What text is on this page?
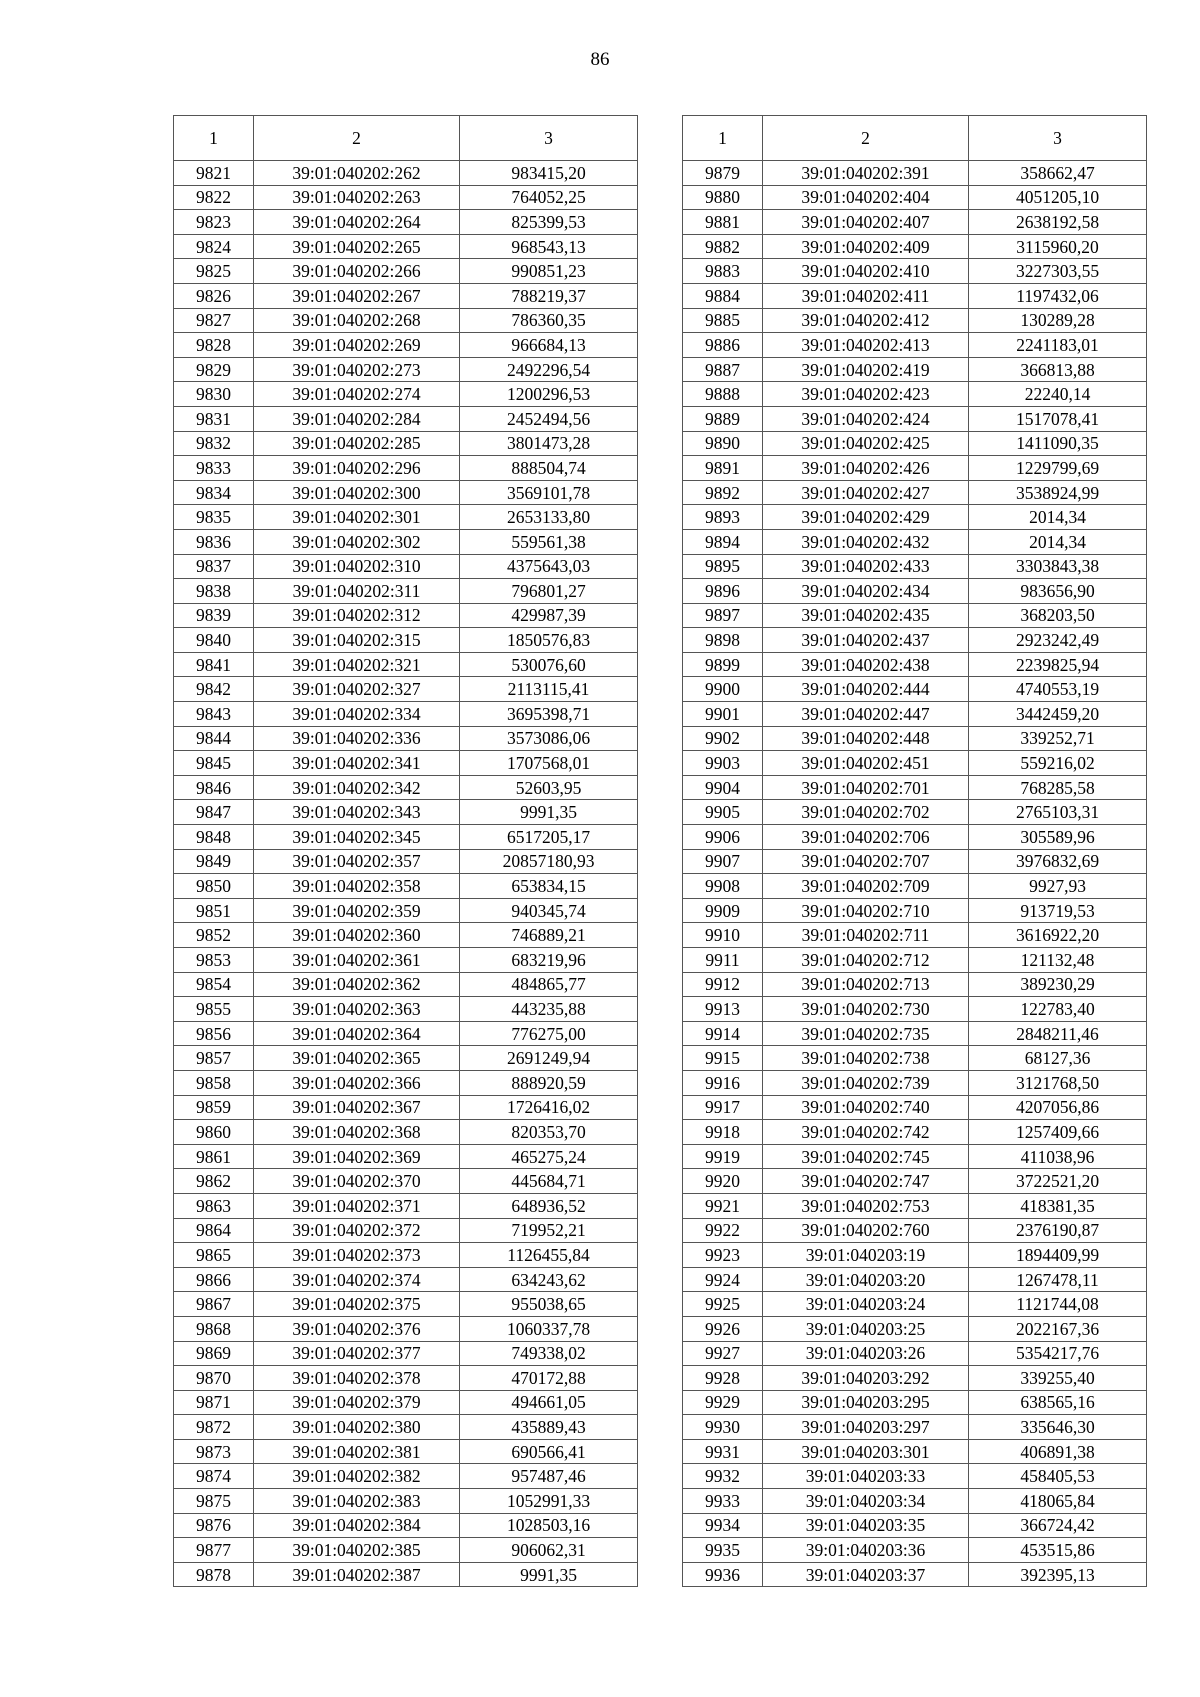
86
1	2	3
9821	39:01:040202:262	983415,20
9822	39:01:040202:263	764052,25
9823	39:01:040202:264	825399,53
9824	39:01:040202:265	968543,13
9825	39:01:040202:266	990851,23
9826	39:01:040202:267	788219,37
9827	39:01:040202:268	786360,35
9828	39:01:040202:269	966684,13
9829	39:01:040202:273	2492296,54
9830	39:01:040202:274	1200296,53
9831	39:01:040202:284	2452494,56
9832	39:01:040202:285	3801473,28
9833	39:01:040202:296	888504,74
9834	39:01:040202:300	3569101,78
9835	39:01:040202:301	2653133,80
9836	39:01:040202:302	559561,38
9837	39:01:040202:310	4375643,03
9838	39:01:040202:311	796801,27
9839	39:01:040202:312	429987,39
9840	39:01:040202:315	1850576,83
9841	39:01:040202:321	530076,60
9842	39:01:040202:327	2113115,41
9843	39:01:040202:334	3695398,71
9844	39:01:040202:336	3573086,06
9845	39:01:040202:341	1707568,01
9846	39:01:040202:342	52603,95
9847	39:01:040202:343	9991,35
9848	39:01:040202:345	6517205,17
9849	39:01:040202:357	20857180,93
9850	39:01:040202:358	653834,15
9851	39:01:040202:359	940345,74
9852	39:01:040202:360	746889,21
9853	39:01:040202:361	683219,96
9854	39:01:040202:362	484865,77
9855	39:01:040202:363	443235,88
9856	39:01:040202:364	776275,00
9857	39:01:040202:365	2691249,94
9858	39:01:040202:366	888920,59
9859	39:01:040202:367	1726416,02
9860	39:01:040202:368	820353,70
9861	39:01:040202:369	465275,24
9862	39:01:040202:370	445684,71
9863	39:01:040202:371	648936,52
9864	39:01:040202:372	719952,21
9865	39:01:040202:373	1126455,84
9866	39:01:040202:374	634243,62
9867	39:01:040202:375	955038,65
9868	39:01:040202:376	1060337,78
9869	39:01:040202:377	749338,02
9870	39:01:040202:378	470172,88
9871	39:01:040202:379	494661,05
9872	39:01:040202:380	435889,43
9873	39:01:040202:381	690566,41
9874	39:01:040202:382	957487,46
9875	39:01:040202:383	1052991,33
9876	39:01:040202:384	1028503,16
9877	39:01:040202:385	906062,31
9878	39:01:040202:387	9991,35
1	2	3
9879	39:01:040202:391	358662,47
9880	39:01:040202:404	4051205,10
9881	39:01:040202:407	2638192,58
9882	39:01:040202:409	3115960,20
9883	39:01:040202:410	3227303,55
9884	39:01:040202:411	1197432,06
9885	39:01:040202:412	130289,28
9886	39:01:040202:413	2241183,01
9887	39:01:040202:419	366813,88
9888	39:01:040202:423	22240,14
9889	39:01:040202:424	1517078,41
9890	39:01:040202:425	1411090,35
9891	39:01:040202:426	1229799,69
9892	39:01:040202:427	3538924,99
9893	39:01:040202:429	2014,34
9894	39:01:040202:432	2014,34
9895	39:01:040202:433	3303843,38
9896	39:01:040202:434	983656,90
9897	39:01:040202:435	368203,50
9898	39:01:040202:437	2923242,49
9899	39:01:040202:438	2239825,94
9900	39:01:040202:444	4740553,19
9901	39:01:040202:447	3442459,20
9902	39:01:040202:448	339252,71
9903	39:01:040202:451	559216,02
9904	39:01:040202:701	768285,58
9905	39:01:040202:702	2765103,31
9906	39:01:040202:706	305589,96
9907	39:01:040202:707	3976832,69
9908	39:01:040202:709	9927,93
9909	39:01:040202:710	913719,53
9910	39:01:040202:711	3616922,20
9911	39:01:040202:712	121132,48
9912	39:01:040202:713	389230,29
9913	39:01:040202:730	122783,40
9914	39:01:040202:735	2848211,46
9915	39:01:040202:738	68127,36
9916	39:01:040202:739	3121768,50
9917	39:01:040202:740	4207056,86
9918	39:01:040202:742	1257409,66
9919	39:01:040202:745	411038,96
9920	39:01:040202:747	3722521,20
9921	39:01:040202:753	418381,35
9922	39:01:040202:760	2376190,87
9923	39:01:040203:19	1894409,99
9924	39:01:040203:20	1267478,11
9925	39:01:040203:24	1121744,08
9926	39:01:040203:25	2022167,36
9927	39:01:040203:26	5354217,76
9928	39:01:040203:292	339255,40
9929	39:01:040203:295	638565,16
9930	39:01:040203:297	335646,30
9931	39:01:040203:301	406891,38
9932	39:01:040203:33	458405,53
9933	39:01:040203:34	418065,84
9934	39:01:040203:35	366724,42
9935	39:01:040203:36	453515,86
9936	39:01:040203:37	392395,13
